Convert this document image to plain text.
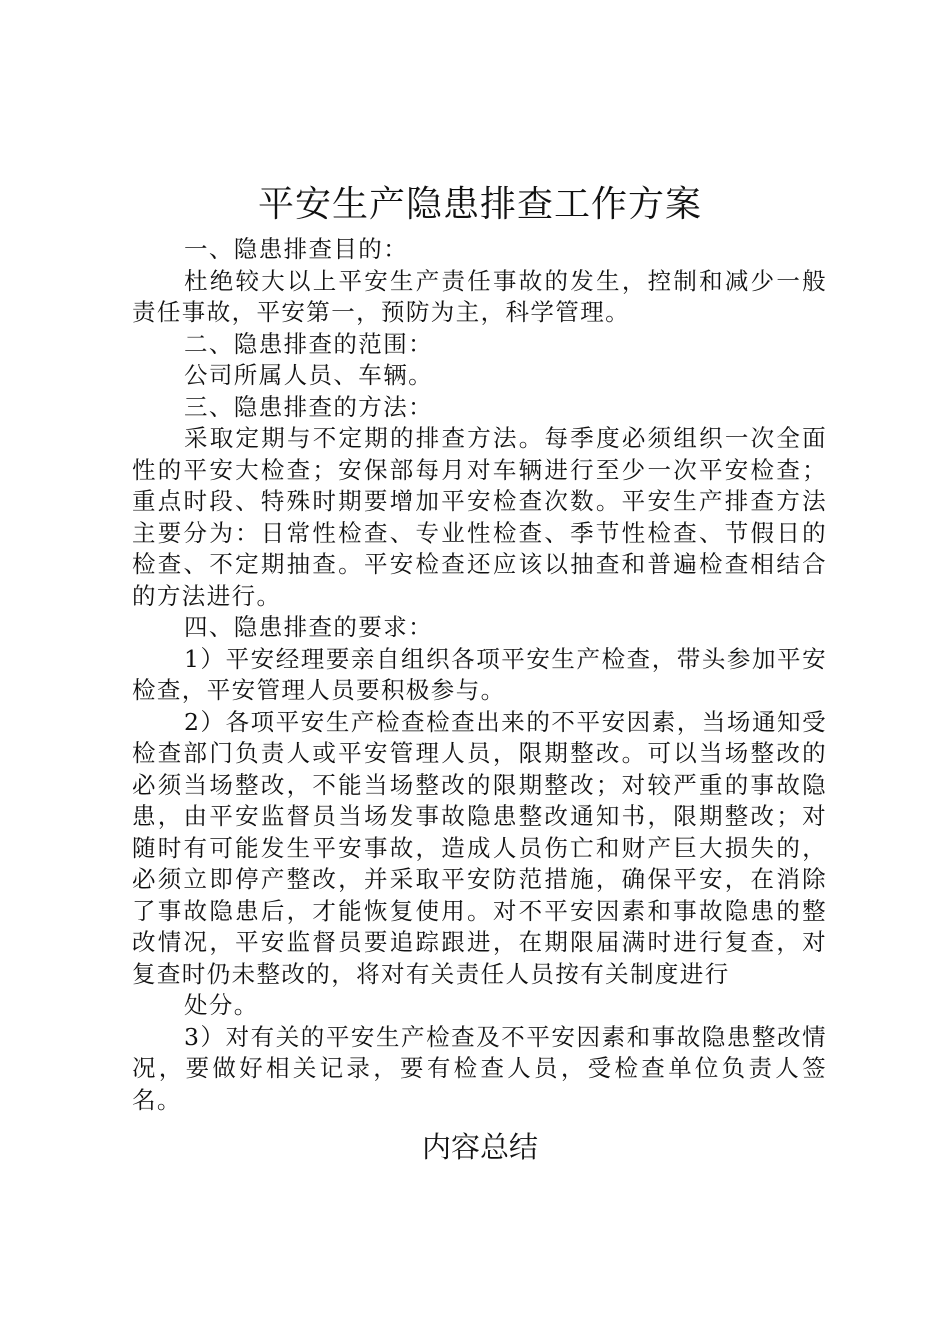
平安生产隐患排查工作方案

一、隐患排查目的：

杜绝较大以上平安生产责任事故的发生，控制和减少一般责任事故，平安第一，预防为主，科学管理。

二、隐患排查的范围：

公司所属人员、车辆。

三、隐患排查的方法：

采取定期与不定期的排查方法。每季度必须组织一次全面性的平安大检查；安保部每月对车辆进行至少一次平安检查；重点时段、特殊时期要增加平安检查次数。平安生产排查方法主要分为：日常性检查、专业性检查、季节性检查、节假日的检查、不定期抽查。平安检查还应该以抽查和普遍检查相结合的方法进行。

四、隐患排查的要求：

1）平安经理要亲自组织各项平安生产检查，带头参加平安检查，平安管理人员要积极参与。

2）各项平安生产检查检查出来的不平安因素，当场通知受检查部门负责人或平安管理人员，限期整改。可以当场整改的必须当场整改，不能当场整改的限期整改；对较严重的事故隐患，由平安监督员当场发事故隐患整改通知书，限期整改；对随时有可能发生平安事故，造成人员伤亡和财产巨大损失的，必须立即停产整改，并采取平安防范措施，确保平安，在消除了事故隐患后，才能恢复使用。对不平安因素和事故隐患的整改情况，平安监督员要追踪跟进，在期限届满时进行复查，对复查时仍未整改的，将对有关责任人员按有关制度进行

处分。

3）对有关的平安生产检查及不平安因素和事故隐患整改情况，要做好相关记录，要有检查人员，受检查单位负责人签名。

内容总结
